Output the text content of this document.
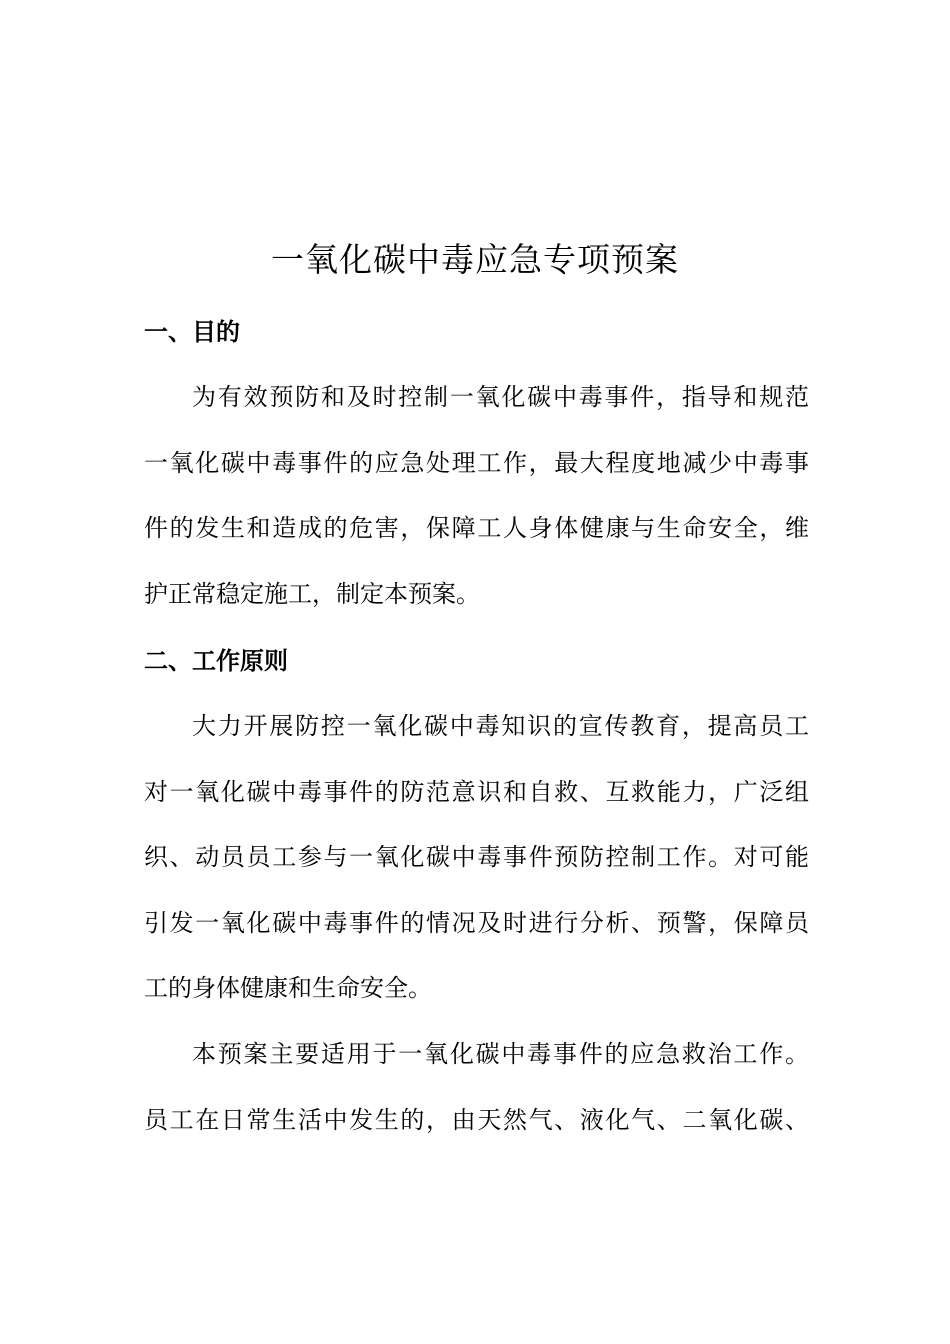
一氧化碳中毒应急专项预案
一、目的
为有效预防和及时控制一氧化碳中毒事件，指导和规范
一氧化碳中毒事件的应急处理工作，最大程度地减少中毒事
件的发生和造成的危害，保障工人身体健康与生命安全，维
护正常稳定施工，制定本预案。
二、工作原则
大力开展防控一氧化碳中毒知识的宣传教育，提高员工
对一氧化碳中毒事件的防范意识和自救、互救能力，广泛组
织、动员员工参与一氧化碳中毒事件预防控制工作。对可能
引发一氧化碳中毒事件的情况及时进行分析、预警，保障员
工的身体健康和生命安全。
本预案主要适用于一氧化碳中毒事件的应急救治工作。
员工在日常生活中发生的，由天然气、液化气、二氧化碳、
